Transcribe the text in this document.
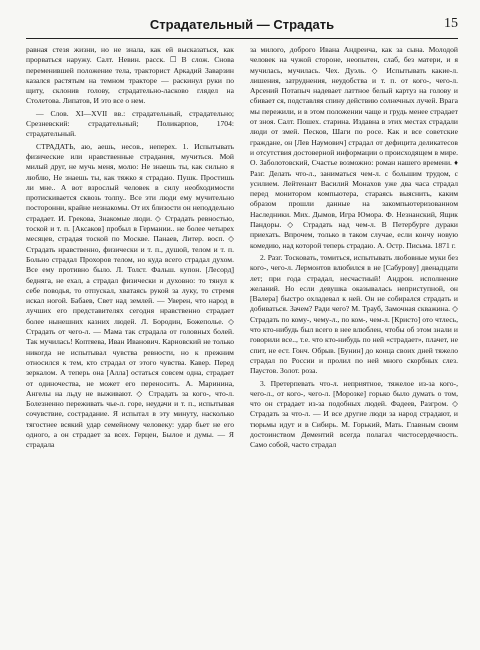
Страдательный — Страдать	15

равная стезя жизни, но не знала, как ей высказаться, как прорваться наружу. Салт. Невин. расск. ☐ В слож. Снова переменившей положение тела, тракторист Аркадий Заварзин казался растятым на темном тракторе — раскинул руки по щиту, склонив голову, страдательно-ласково глядел на Столетова. Липатов, И это все о нем.

— Слов. XI—XVII вв.: страдательный, страдательно; Срезневский: страдательный; Поликарпов, 1704: страдательный.

СТРАДАТЬ, аю, аешь, несов., неперех. 1. Испытывать физические или нравственные страдания, мучиться. Мой милый друг, не мучь меня, молю: Не знаешь ты, как сильно я люблю, Не знаешь ты, как тяжко я страдаю. Пушк. Простишь ли мне.. А вот взрослый человек в силу необходимости протискивается сквозь толпу.. Все эти люди ему мучительно посторонни, крайне незнакомы. От их близости он неподдельно страдает. И. Грекова, Знакомые люди. ◇ Страдать ревностью, тоской и т. п. [Аксаков] пробыл в Германии.. не более четырех месяцев, страдая тоской по Москве. Панаев, Литер. восп. ◇ Страдать нравственно, физически и т. п., душой, телом и т. п. Больно страдал Прохоров телом, но куда всего страдал духом. Все ему противно было. Л. Толст. Фальш. купон. [Лесорд] бедняга, не ехал, а страдал физически и духовно: то тянул к себе поводья, то отпускал, хватаясь рукой за луку, то стремя искал ногой. Бабаев, Свет над землей. — Уверен, что народ в лучших его представителях сегодня нравственно страдает более нынешних казних людей. Л. Бородин, Божеполье. ◇ Страдать от чего-л. — Мама так страдала от головных болей. Так мучилась! Коптяева, Иван Иванович. Карновский не только никогда не испытывал чувства ревности, но к прежним относился к тем, кто страдал от этого чувства. Кавер. Перед зеркалом. А теперь она [Алла] остаться совсем одна, страдает от одиночества, не может его переносить. А. Маринина, Ангелы на льду не выживают. ◇ Страдать за кого-, что-л. Болезненно переживать чье-л. горе, неудачи и т. п., испытывая сочувствие, сострадание. Я испытал в эту минуту, насколько тягостнее всякий удар семейному человеку: удар бьет не его одного, а он страдает за всех. Герцен, Былое и думы. — Я страдала

за милого, доброго Ивана Андреича, как за сына. Молодой человек на чужой стороне, неопытен, слаб, без матери, и я мучилась, мучилась. Чех. Дуэль. ◇ Испытывать какие-л. лишения, затруднения, неудобства и т. п. от кого-, чего-л. Арсений Потапыч надевает латтное белый картуз на голову и сбивает ся, подставляя спину действию солнечных лучей. Врага мы пережили, и в этом положении чаще и грудь менее страдает от зноя. Салт. Пошех. старина. Издавна в этих местах страдали люди от змей. Песков, Шаги по росе. Как и все советские граждане, он [Лев Наумович] страдал от дефицита деликатесов и отсутствия достоверной информации о происходящем в мире. О. Заболотовский, Счастье возможно: роман нашего времени. ♦ Разг. Делать что-л., заниматься чем-л. с большим трудом, с усилием. Лейтенант Василий Монахов уже два часа страдал перед монитором компьютера, стараясь выяснить, каким образом прошли данные на закомпьютеризованном Наследники. Мих. Дымов, Игра Юмора. Ф. Незнанский, Ящик Пандоры. ◇ Страдать над чем-л. В Петербурге дураки приехать. Впрочем, только в таком случае, если кончу новую комедию, над которой теперь страдаю. А. Остр. Письма. 1871 г.

2. Разг. Тосковать, томиться, испытывать любовные муки без кого-, чего-л. Лермонтов влюбился в не [Сабурову] двенадцати лет; при года страдал, несчастный! Андрон. исполнение желаний. Но если девушка оказывалась неприступной, он [Валера] быстро охладевал к ней. Он не собирался страдать и добиваться. Зачем? Ради чего? М. Трауб, Замочная скважина. ◇ Страдать по кому-, чему-л., по ком-, чем-л. [Кристо] ото чтлесь, что кто-нибудь был всего в нее влюблен, чтобы об этом знали и говорили все.., т.е. что кто-нибудь по ней «страдает», плачет, не спит, не ест. Гонч. Обрыв. [Бунин] до конца своих дней тяжело страдал по России и пролил по ней много скорбных слез. Паустов. Золот. роза.

3. Претерпевать что-л. неприятное, тяжелое из-за кого-, чего-л., от кого-, чего-л. [Морозке] горько было думать о том, что он страдает из-за подобных людей. Фадеев, Разгром. ◇ Страдать за что-л. — И все другие люди за народ страдают, и тюрьмы идут и в Сибирь. М. Горький, Мать. Главным своим достоинством Дементий всегда полагал чистосердечность. Само собой, часто страдал
